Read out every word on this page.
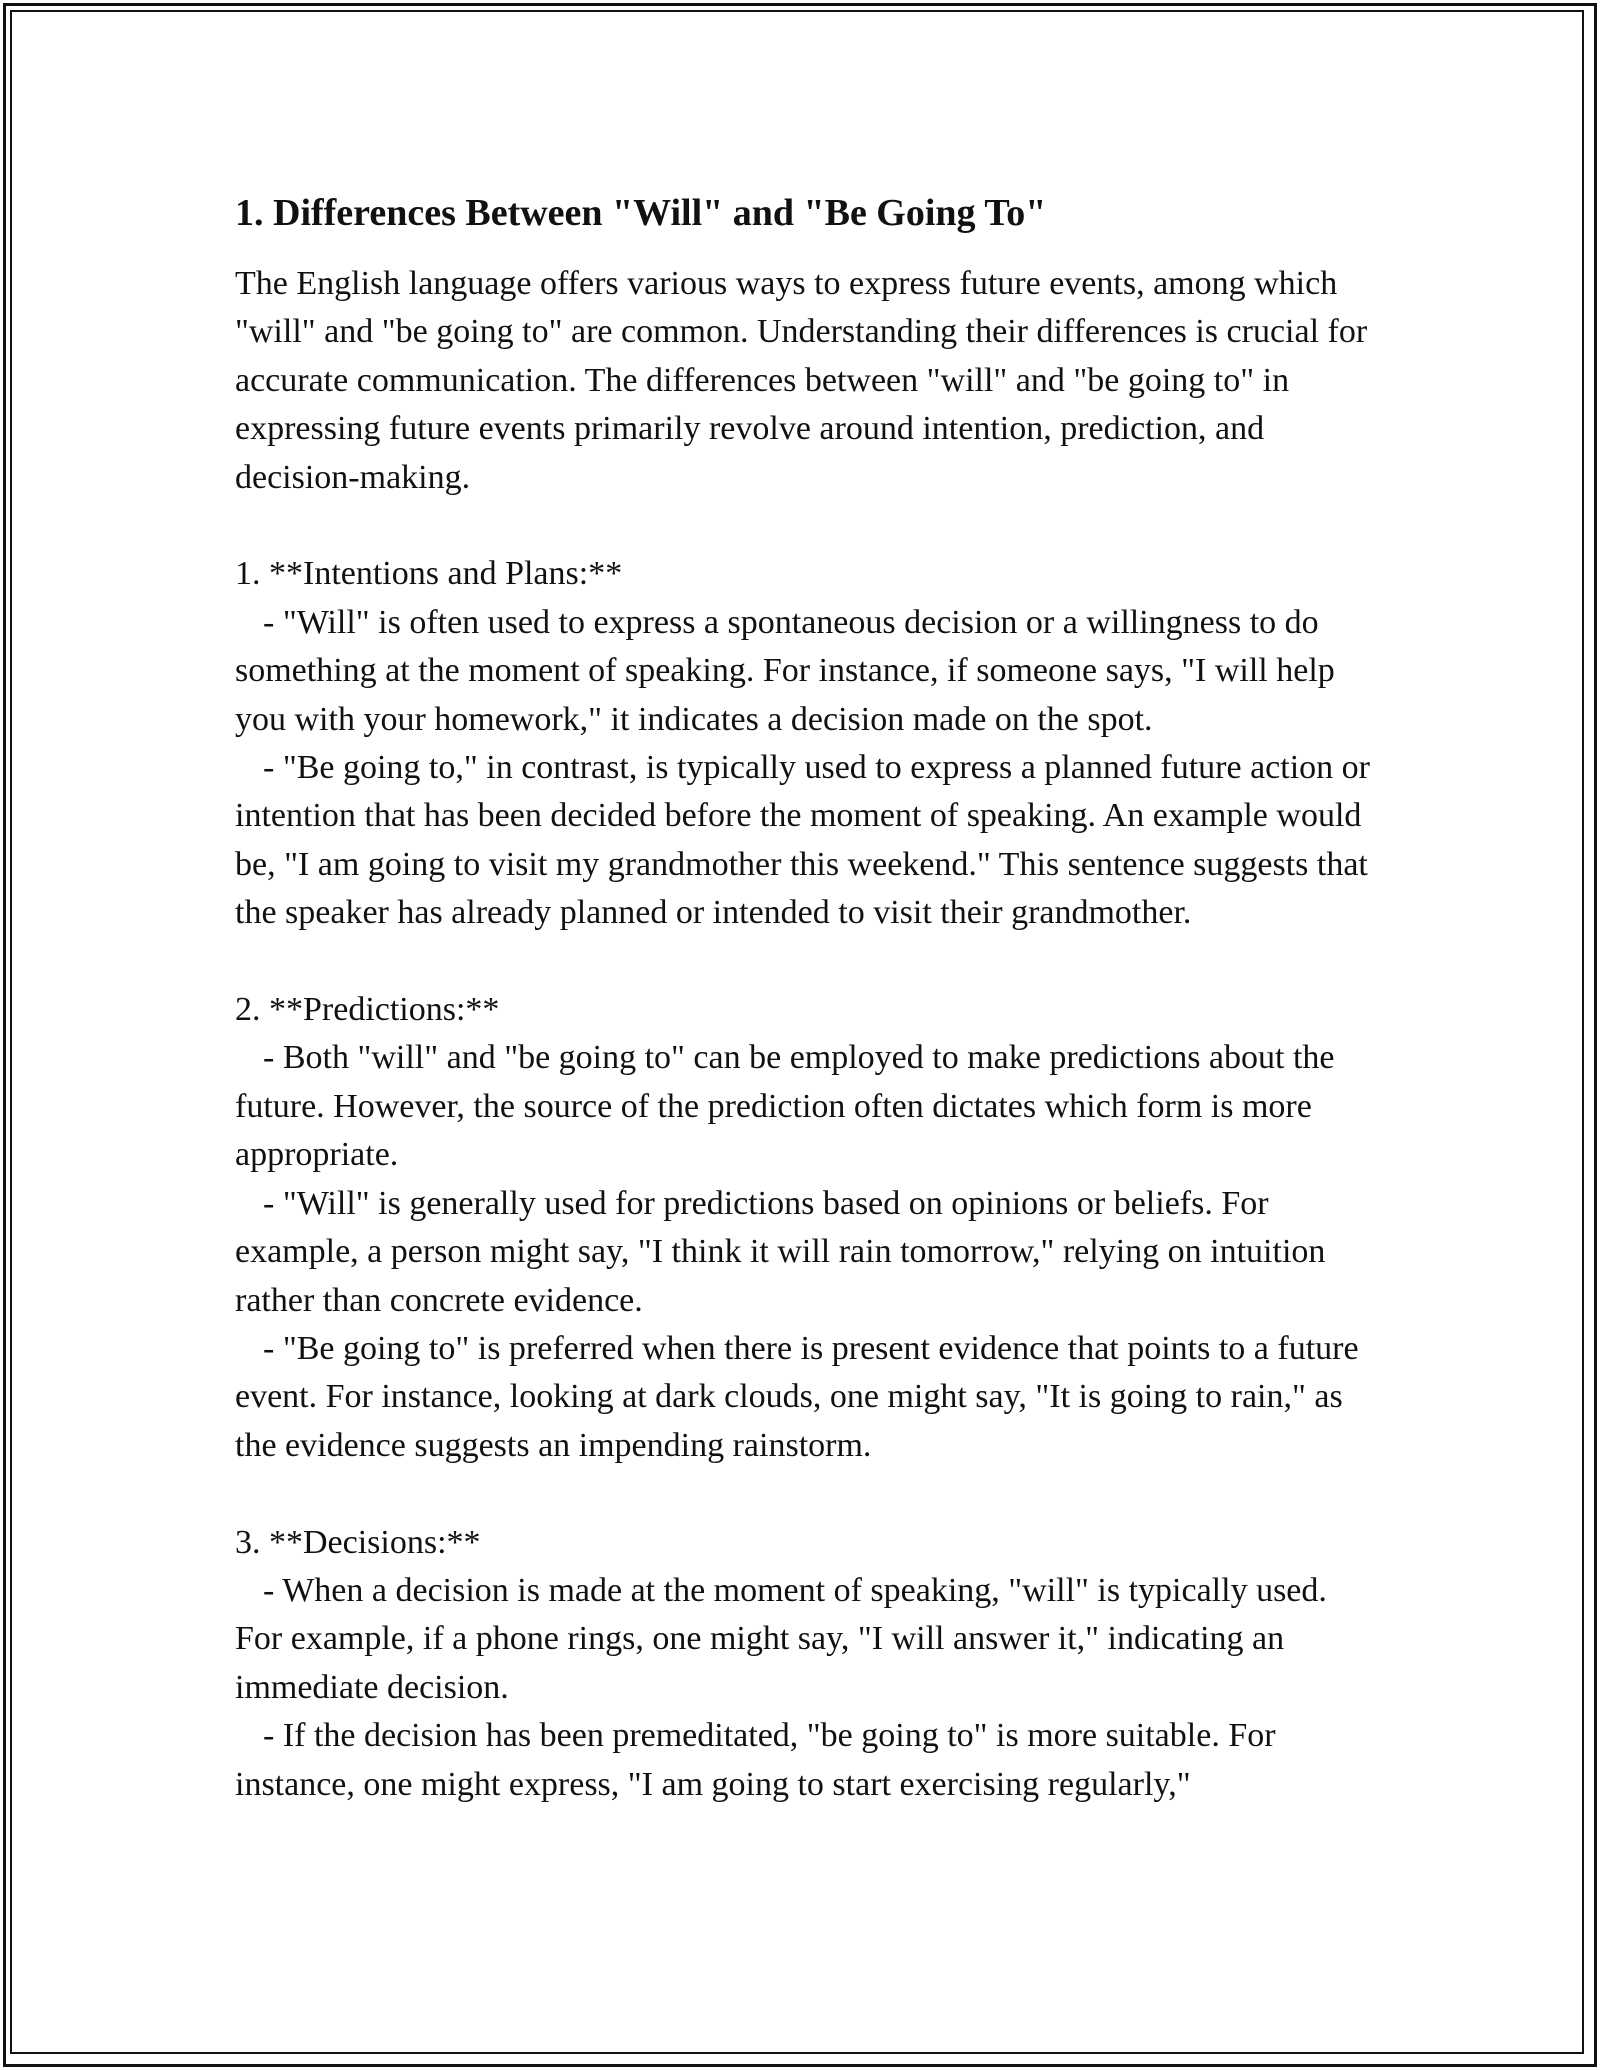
1. Differences Between "Will" and "Be Going To"

The English language offers various ways to express future events, among which "will" and "be going to" are common. Understanding their differences is crucial for accurate communication. The differences between "will" and "be going to" in expressing future events primarily revolve around intention, prediction, and decision-making.

1. **Intentions and Plans:**

- "Will" is often used to express a spontaneous decision or a willingness to do something at the moment of speaking. For instance, if someone says, "I will help you with your homework," it indicates a decision made on the spot.

- "Be going to," in contrast, is typically used to express a planned future action or intention that has been decided before the moment of speaking. An example would be, "I am going to visit my grandmother this weekend." This sentence suggests that the speaker has already planned or intended to visit their grandmother.

2. **Predictions:**

- Both "will" and "be going to" can be employed to make predictions about the future. However, the source of the prediction often dictates which form is more appropriate.

- "Will" is generally used for predictions based on opinions or beliefs. For example, a person might say, "I think it will rain tomorrow," relying on intuition rather than concrete evidence.

- "Be going to" is preferred when there is present evidence that points to a future event. For instance, looking at dark clouds, one might say, "It is going to rain," as the evidence suggests an impending rainstorm.

3. **Decisions:**

- When a decision is made at the moment of speaking, "will" is typically used. For example, if a phone rings, one might say, "I will answer it," indicating an immediate decision.

- If the decision has been premeditated, "be going to" is more suitable. For instance, one might express, "I am going to start exercising regularly,"
